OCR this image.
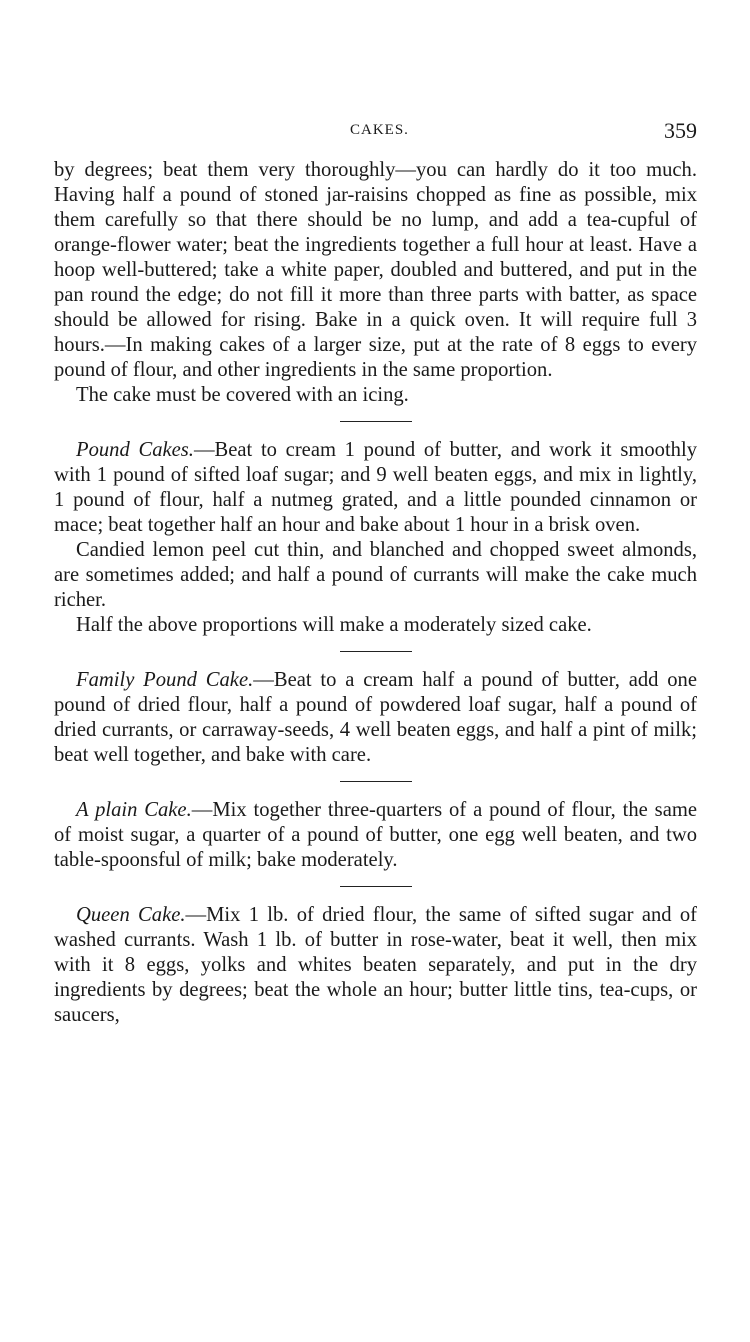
CAKES.	359

by degrees; beat them very thoroughly—you can hardly do it too much. Having half a pound of stoned jar-raisins chopped as fine as possible, mix them carefully so that there should be no lump, and add a tea-cupful of orange-flower water; beat the ingredients together a full hour at least. Have a hoop well-buttered; take a white paper, doubled and buttered, and put in the pan round the edge; do not fill it more than three parts with batter, as space should be allowed for rising. Bake in a quick oven. It will require full 3 hours.—In making cakes of a larger size, put at the rate of 8 eggs to every pound of flour, and other ingredients in the same proportion.

The cake must be covered with an icing.

Pound Cakes.—Beat to cream 1 pound of butter, and work it smoothly with 1 pound of sifted loaf sugar; and 9 well beaten eggs, and mix in lightly, 1 pound of flour, half a nutmeg grated, and a little pounded cinnamon or mace; beat together half an hour and bake about 1 hour in a brisk oven.

Candied lemon peel cut thin, and blanched and chopped sweet almonds, are sometimes added; and half a pound of currants will make the cake much richer.

Half the above proportions will make a moderately sized cake.

Family Pound Cake.—Beat to a cream half a pound of butter, add one pound of dried flour, half a pound of powdered loaf sugar, half a pound of dried currants, or carraway-seeds, 4 well beaten eggs, and half a pint of milk; beat well together, and bake with care.

A plain Cake.—Mix together three-quarters of a pound of flour, the same of moist sugar, a quarter of a pound of butter, one egg well beaten, and two table-spoonsful of milk; bake moderately.

Queen Cake.—Mix 1 lb. of dried flour, the same of sifted sugar and of washed currants. Wash 1 lb. of butter in rose-water, beat it well, then mix with it 8 eggs, yolks and whites beaten separately, and put in the dry ingredients by degrees; beat the whole an hour; butter little tins, tea-cups, or saucers,
